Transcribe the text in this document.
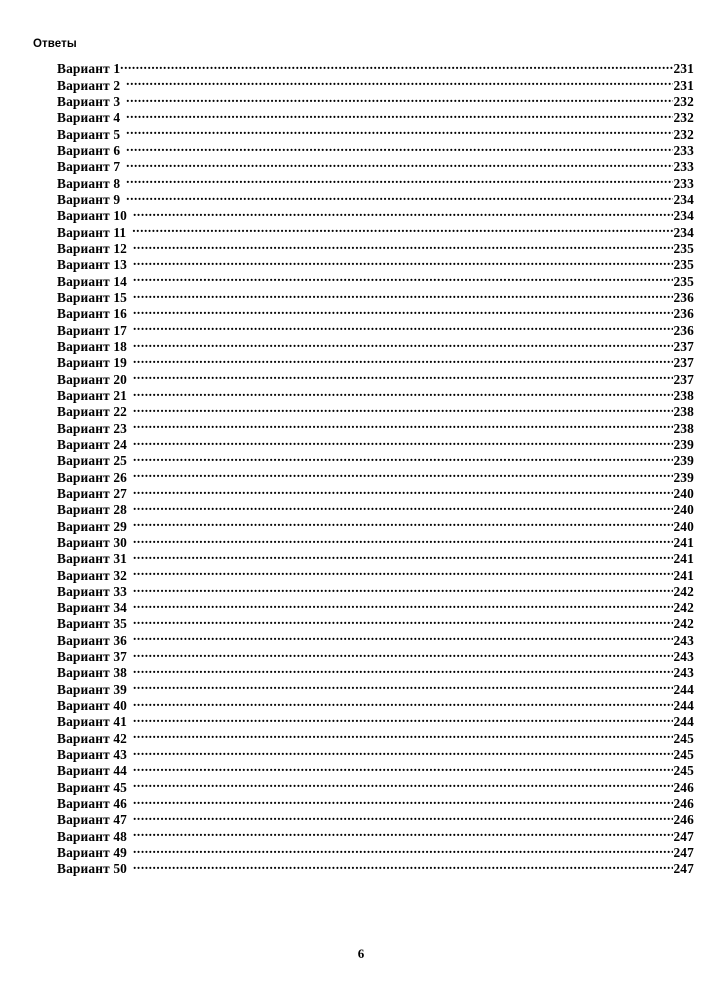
Ответы
Вариант 1 .....	231
Вариант 2 .....	231
Вариант 3 .....	232
Вариант 4 .....	232
Вариант 5 .....	232
Вариант 6 .....	233
Вариант 7 .....	233
Вариант 8 .....	233
Вариант 9 .....	234
Вариант 10 .....	234
Вариант 11 .....	234
Вариант 12 .....	235
Вариант 13 .....	235
Вариант 14 .....	235
Вариант 15 .....	236
Вариант 16 .....	236
Вариант 17 .....	236
Вариант 18 .....	237
Вариант 19 .....	237
Вариант 20 .....	237
Вариант 21 .....	238
Вариант 22 .....	238
Вариант 23 .....	238
Вариант 24 .....	239
Вариант 25 .....	239
Вариант 26 .....	239
Вариант 27 .....	240
Вариант 28 .....	240
Вариант 29 .....	240
Вариант 30 .....	241
Вариант 31 .....	241
Вариант 32 .....	241
Вариант 33 .....	242
Вариант 34 .....	242
Вариант 35 .....	242
Вариант 36 .....	243
Вариант 37 .....	243
Вариант 38 .....	243
Вариант 39 .....	244
Вариант 40 .....	244
Вариант 41 .....	244
Вариант 42 .....	245
Вариант 43 .....	245
Вариант 44 .....	245
Вариант 45 .....	246
Вариант 46 .....	246
Вариант 47 .....	246
Вариант 48 .....	247
Вариант 49 .....	247
Вариант 50 .....	247
6
